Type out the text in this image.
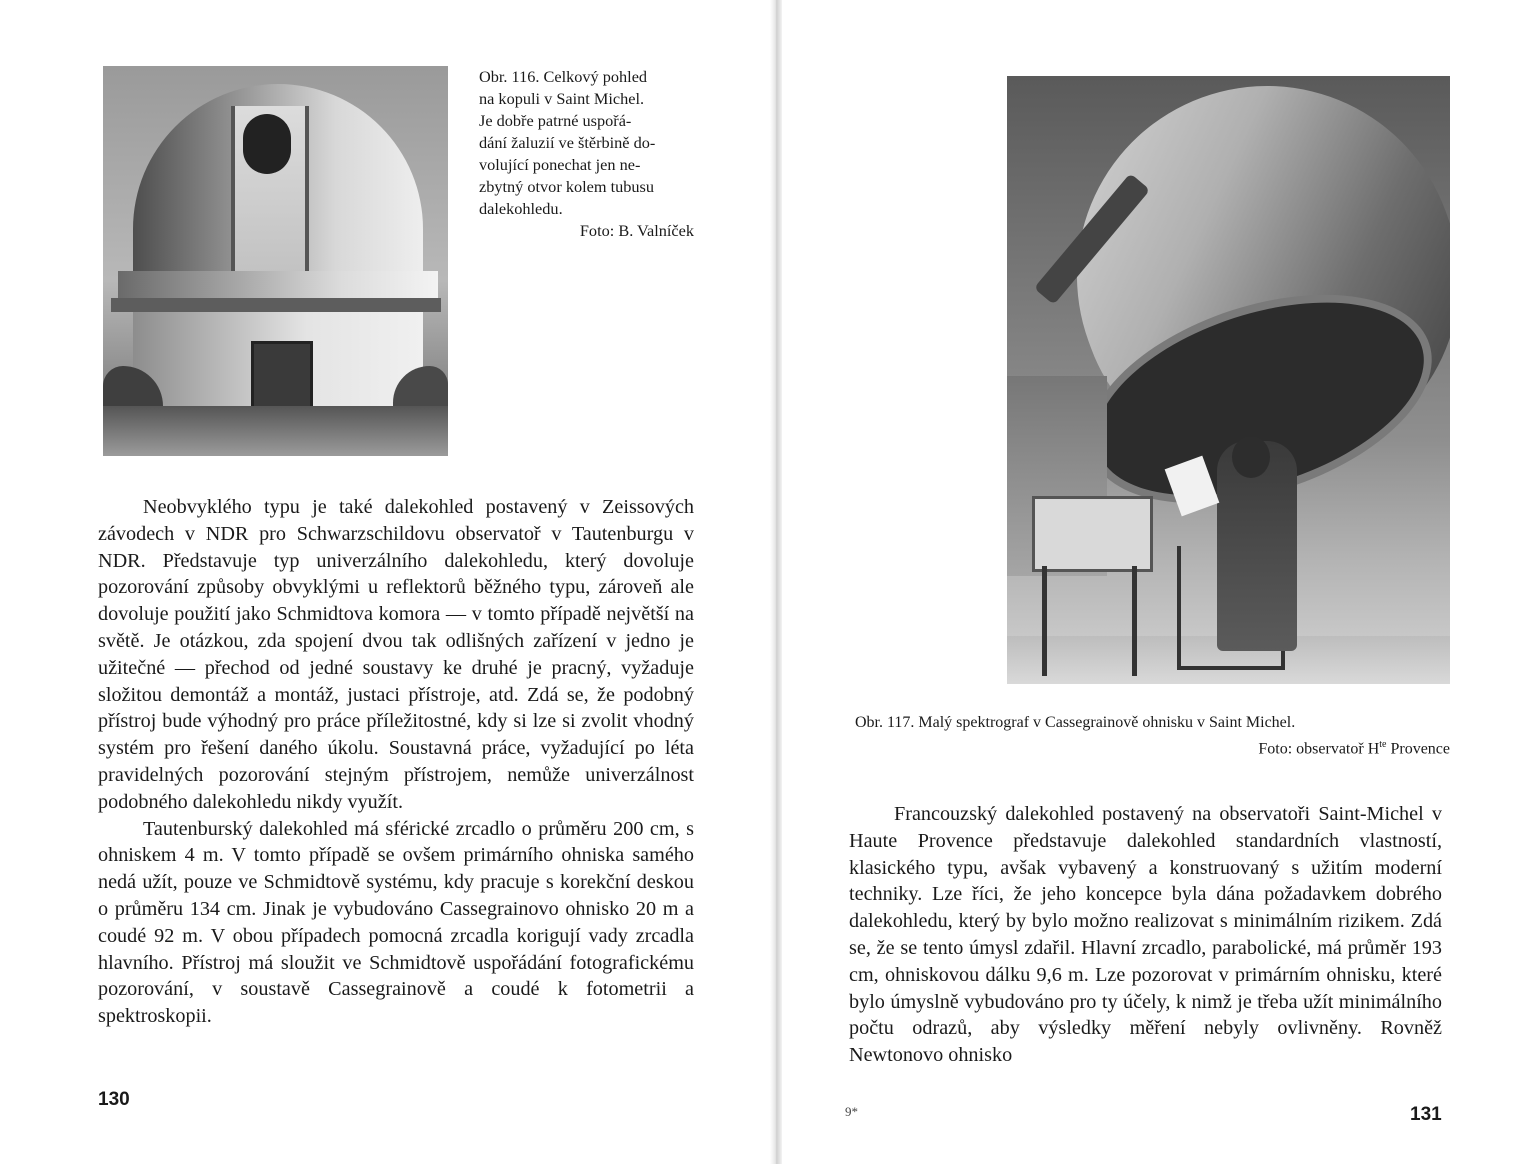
Obr. 116. Celkový pohled
na kopuli v Saint Michel.
Je dobře patrné uspořá-
dání žaluzií ve štěrbině do-
volující ponechat jen ne-
zbytný otvor kolem tubusu
dalekohledu.
Foto: B. Valníček

Neobvyklého typu je také dalekohled postavený v Zeissových závodech v NDR pro Schwarzschildovu observatoř v Tautenburgu v NDR. Představuje typ univerzálního dalekohledu, který dovoluje pozorování způsoby obvyklými u reflektorů běžného typu, zároveň ale dovoluje použití jako Schmidtova komora — v tomto případě největší na světě. Je otázkou, zda spojení dvou tak odlišných zařízení v jedno je užitečné — přechod od jedné soustavy ke druhé je pracný, vyžaduje složitou demontáž a montáž, justaci přístroje, atd. Zdá se, že podobný přístroj bude výhodný pro práce příležitostné, kdy si lze si zvolit vhodný systém pro řešení daného úkolu. Soustavná práce, vyžadující po léta pravidelných pozorování stejným přístrojem, nemůže univerzálnost podobného dalekohledu nikdy využít.

Tautenburský dalekohled má sférické zrcadlo o průměru 200 cm, s ohniskem 4 m. V tomto případě se ovšem primárního ohniska samého nedá užít, pouze ve Schmidtově systému, kdy pracuje s korekční deskou o průměru 134 cm. Jinak je vybudováno Cassegrainovo ohnisko 20 m a coudé 92 m. V obou případech pomocná zrcadla korigují vady zrcadla hlavního. Přístroj má sloužit ve Schmidtově uspořádání fotografickému pozorování, v soustavě Cassegrainově a coudé k fotometrii a spektroskopii.

130
Obr. 117. Malý spektrograf v Cassegrainově ohnisku v Saint Michel.
Foto: observatoř $H^{te}$ Provence

Francouzský dalekohled postavený na observatoři Saint-Michel v Haute Provence představuje dalekohled standardních vlastností, klasického typu, avšak vybavený a konstruovaný s užitím moderní techniky. Lze říci, že jeho koncepce byla dána požadavkem dobrého dalekohledu, který by bylo možno realizovat s minimálním rizikem. Zdá se, že se tento úmysl zdařil. Hlavní zrcadlo, parabolické, má průměr 193 cm, ohniskovou dálku 9,6 m. Lze pozorovat v primárním ohnisku, které bylo úmyslně vybudováno pro ty účely, k nimž je třeba užít minimálního počtu odrazů, aby výsledky měření nebyly ovlivněny. Rovněž Newtonovo ohnisko

9*	131
